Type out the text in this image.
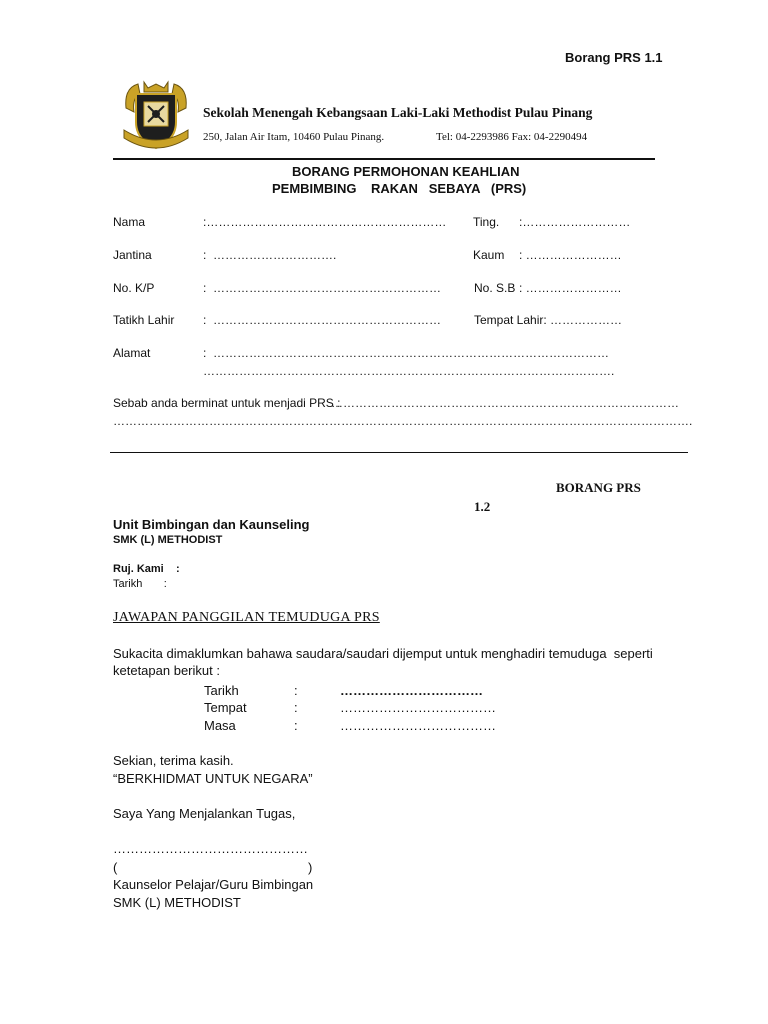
Borang PRS 1.1
Sekolah Menengah Kebangsaan Laki-Laki Methodist Pulau Pinang
250, Jalan Air Itam, 10460 Pulau Pinang.	Tel: 04-2293986 Fax: 04-2290494
BORANG PERMOHONAN KEAHLIAN
PEMBIMBING    RAKAN   SEBAYA   (PRS)
Nama	:…………………………………………………… Ting. :………………………
Jantina	:  ………………………….	Kaum : ……………………
No. K/P	:  …………………………………………………	No. S.B : ……………………
Tatikh Lahir :  …………………………………………………	Tempat Lahir: ………………
Alamat	:  ………………………………………………………………………………………
………………………………………………………………………………………….
Sebab anda berminat untuk menjadi PRS :
……………………………………………………………………………
……………………………………………………………………………………………………………………………….
BORANG PRS
1.2
Unit Bimbingan dan Kaunseling
SMK (L) METHODIST
Ruj. Kami    :
Tarikh       :
JAWAPAN PANGGILAN TEMUDUGA PRS
Sukacita dimaklumkan bahawa saudara/saudari dijemput untuk menghadiri temuduga  seperti
ketetapan berikut :
Tarikh	:	……………………………
Tempat	:	………………………………
Masa	:	………………………………
Sekian, terima kasih.
“BERKHIDMAT UNTUK NEGARA”
Saya Yang Menjalankan Tugas,
………………………………………
(	)
Kaunselor Pelajar/Guru Bimbingan
SMK (L) METHODIST
